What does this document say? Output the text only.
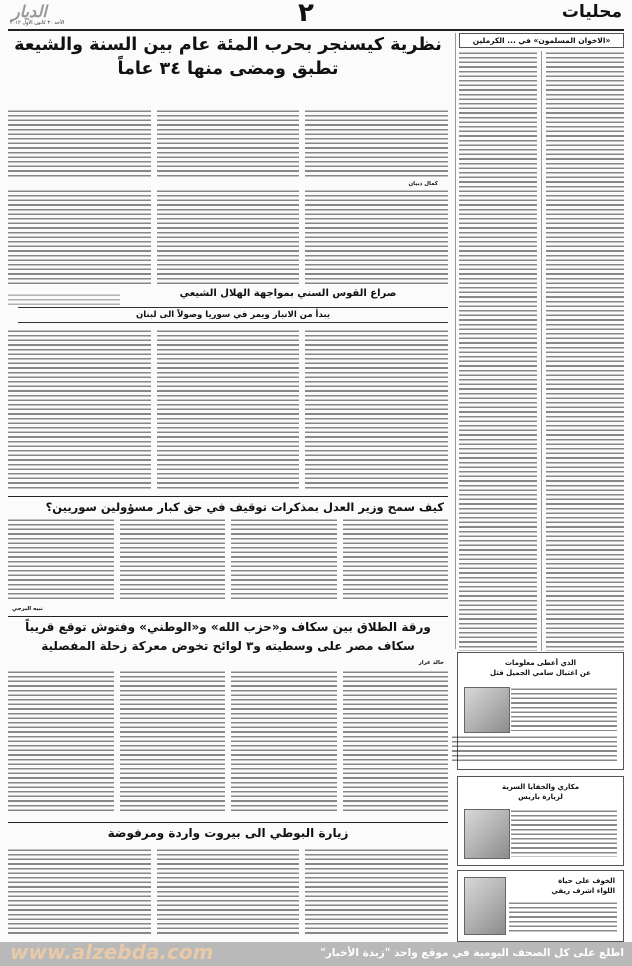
محليات
٢
الديار
الأحد ٣٠ كانون الأول ٢٠١٢
«الاخوان المسلمون» في ... الكرملين
نظرية كيسنجر بحرب المئة عام بين السنة والشيعة
تطبق ومضى منها ٣٤ عاماً
كمال ذبيان
صراع القوس السني بمواجهة الهلال الشيعي
يبدأ من الانبار ويمر في سوريا وصولاً الى لبنان
كيف سمح وزير العدل بمذكرات توقيف في حق كبار مسؤولين سوريين؟
نبيه البرجي
ورقة الطلاق بين سكاف و«حزب الله» و«الوطني» وفتوش توقع قريباً
سكاف مصر على وسطيته و٣ لوائح تخوض معركة زحلة المفصلية
خالد عرار
زيارة البوطي الى بيروت واردة ومرفوضة
الذي أعطى معلومات
عن اغتيال سامي الجميل قتل
مكاري والخفايا السرية
لزيارة باريس
الخوف على حياة
اللواء اشرف ريفي
www.alzebda.com	اطلع على كل الصحف اليومية في موقع واحد "زبدة الأخبار"
